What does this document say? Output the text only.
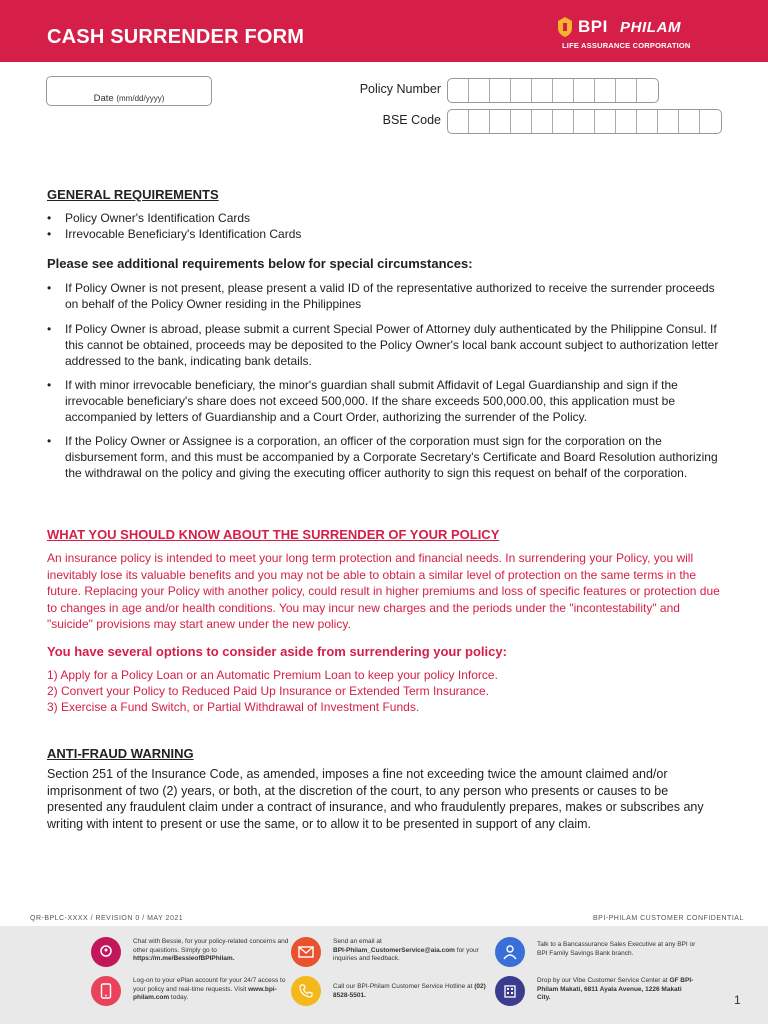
CASH SURRENDER FORM	BPI PHILAM
LIFE ASSURANCE CORPORATION
Date (mm/dd/yyyy)
Policy Number
BSE Code
GENERAL REQUIREMENTS
• Policy Owner's Identification Cards
• Irrevocable Beneficiary's Identification Cards
Please see additional requirements below for special circumstances:
• If Policy Owner is not present, please present a valid ID of the representative authorized to receive the surrender proceeds on behalf of the Policy Owner residing in the Philippines
• If Policy Owner is abroad, please submit a current Special Power of Attorney duly authenticated by the Philippine Consul. If this cannot be obtained, proceeds may be deposited to the Policy Owner's local bank account subject to authorization letter addressed to the bank, indicating bank details.
• If with minor irrevocable beneficiary, the minor's guardian shall submit Affidavit of Legal Guardianship and sign if the irrevocable beneficiary's share does not exceed 500,000. If the share exceeds 500,000.00, this application must be accompanied by letters of Guardianship and a Court Order, authorizing the surrender of the Policy.
• If the Policy Owner or Assignee is a corporation, an officer of the corporation must sign for the corporation on the disbursement form, and this must be accompanied by a Corporate Secretary's Certificate and Board Resolution authorizing the withdrawal on the policy and giving the executing officer authority to sign this request on behalf of the corporation.
WHAT YOU SHOULD KNOW ABOUT THE SURRENDER OF YOUR POLICY
An insurance policy is intended to meet your long term protection and financial needs. In surrendering your Policy, you will inevitably lose its valuable benefits and you may not be able to obtain a similar level of protection on the same terms in the future. Replacing your Policy with another policy, could result in higher premiums and loss of specific features or protection due to changes in age and/or health conditions. You may incur new charges and the periods under the "incontestability" and "suicide" provisions may start anew under the new policy.
You have several options to consider aside from surrendering your policy:
1) Apply for a Policy Loan or an Automatic Premium Loan to keep your policy Inforce.
2) Convert your Policy to Reduced Paid Up Insurance or Extended Term Insurance.
3) Exercise a Fund Switch, or Partial Withdrawal of Investment Funds.
ANTI-FRAUD WARNING
Section 251 of the Insurance Code, as amended, imposes a fine not exceeding twice the amount claimed and/or imprisonment of two (2) years, or both, at the discretion of the court, to any person who presents or causes to be presented any fraudulent claim under a contract of insurance, and who fraudulently prepares, makes or subscribes any writing with intent to present or use the same, or to allow it to be presented in support of any claim.
QR-BPLC-XXXX / REVISION 0 / MAY 2021	BPI-PHILAM CUSTOMER CONFIDENTIAL
Chat with Bessie, for your policy-related concerns and other questions. Simply go to https://m.me/BessieofBPIPhilam.
Send an email at
BPI-Philam_CustomerService@aia.com for your inquiries and feedback.
Talk to a Bancassurance Sales Executive at any BPI or BPI Family Savings Bank branch.
Log-on to your ePlan account for your 24/7 access to your policy and real-time requests. Visit www.bpi-philam.com today.
Call our BPI-Philam Customer Service Hotline at (02) 8528-5501.
Drop by our Vibe Customer Service Center at GF BPI-Philam Makati, 6811 Ayala Avenue, 1226 Makati City.	1
